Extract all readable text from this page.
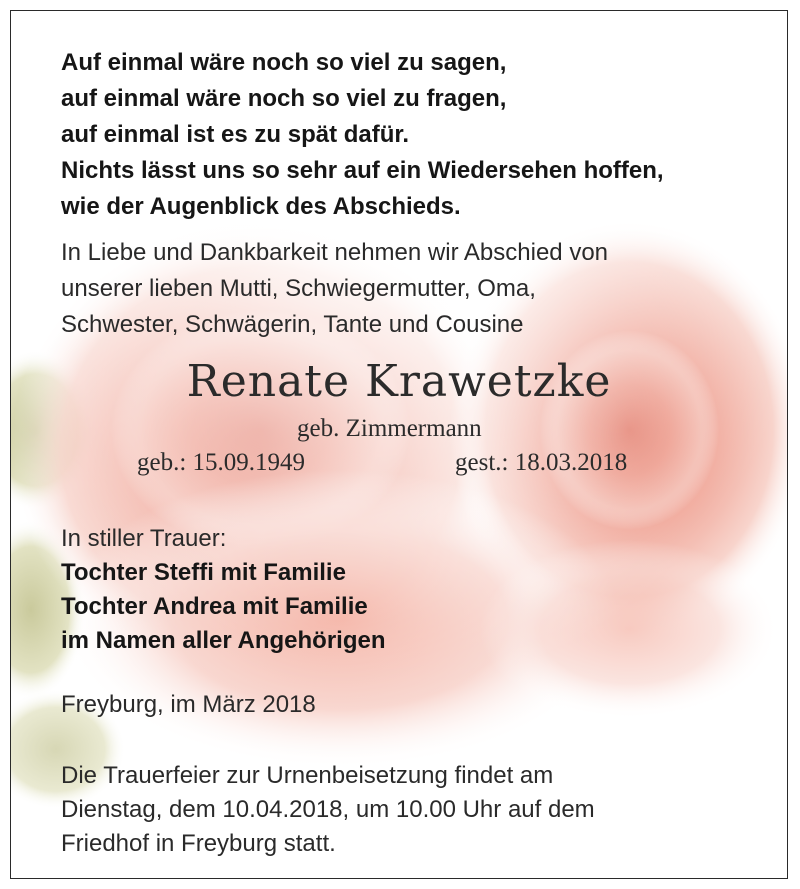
Auf einmal wäre noch so viel zu sagen,
auf einmal wäre noch so viel zu fragen,
auf einmal ist es zu spät dafür.
Nichts lässt uns so sehr auf ein Wiedersehen hoffen,
wie der Augenblick des Abschieds.
In Liebe und Dankbarkeit nehmen wir Abschied von
unserer lieben Mutti, Schwiegermutter, Oma,
Schwester, Schwägerin, Tante und Cousine
Renate Krawetzke
geb. Zimmermann
geb.: 15.09.1949	gest.: 18.03.2018
In stiller Trauer:
Tochter Steffi mit Familie
Tochter Andrea mit Familie
im Namen aller Angehörigen
Freyburg, im März 2018
Die Trauerfeier zur Urnenbeisetzung findet am
Dienstag, dem 10.04.2018, um 10.00 Uhr auf dem
Friedhof in Freyburg statt.
